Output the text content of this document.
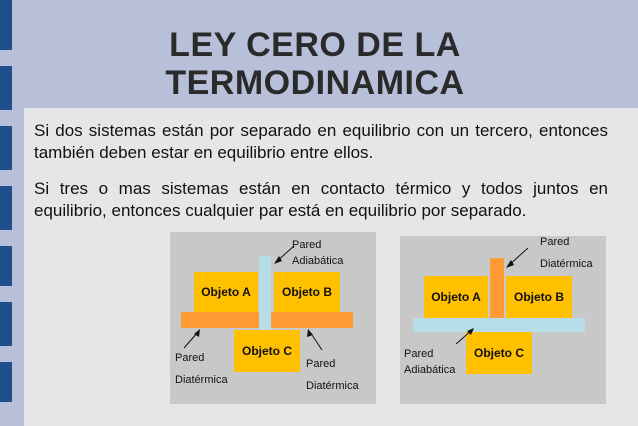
LEY CERO DE LA
TERMODINAMICA
Si dos sistemas están por separado en equilibrio con un tercero, entonces también deben estar en equilibrio entre ellos.
Si tres o mas sistemas están en contacto térmico y todos juntos en equilibrio, entonces cualquier par está en equilibrio por separado.
Objeto A	Objeto B
Objeto C
Pared
Adiabática
Pared
Diatérmica
Pared
Diatérmica
Objeto A	Objeto B
Objeto C
Pared
Diatérmica
Pared
Adiabática
